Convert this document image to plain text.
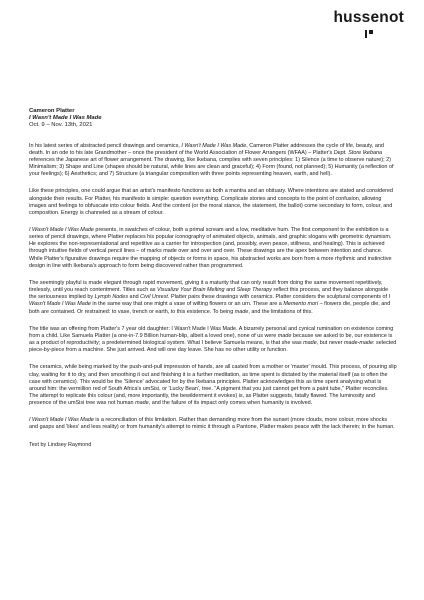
hussenot
Cameron Platter
I Wasn't Made I Was Made
Oct. 9 – Nov. 13th, 2021

In his latest series of abstracted pencil drawings and ceramics, I Wasn't Made I Was Made, Cameron Platter addresses the cycle of life, beauty, and death. In an ode to his late Grandmother – once the president of the World Association of Flower Arrangers (WFAA) – Platter's Dept. Store Ikebana references the Japanese art of flower arrangement. The drawing, like Ikebana, complies with seven principles: 1) Silence (a time to observe nature); 2) Minimalism; 3) Shape and Line (shapes should be natural, while lines are clean and graceful); 4) Form (found, not planned); 5) Humanity (a reflection of your feelings); 6) Aesthetics; and 7) Structure (a triangular composition with three points representing heaven, earth, and hell).

Like these principles, one could argue that an artist's manifesto functions as both a mantra and an obituary. Where intentions are stated and considered alongside their results. For Platter, his manifesto is simple: question everything. Complicate stories and concepts to the point of confusion, allowing images and feelings to obfuscate into colour fields. And the content (or the moral stance, the statement, the ballot) come secondary to form, colour, and composition. Energy is channeled as a stream of colour.

I Wasn't Made I Was Made presents, in swatches of colour, both a primal scream and a low, meditative hum. The first component to the exhibition is a series of pencil drawings, where Platter replaces his popular iconography of animated objects, animals, and graphic slogans with geometric dynamism. He explores the non-representational and repetitive as a carrier for introspection (and, possibly, even peace, stillness, and healing). This is achieved through intuitive fields of vertical pencil lines – of marks made over and over and over. These drawings are the apex between intention and chance. While Platter's figurative drawings require the mapping of objects or forms in space, his abstracted works are born from a more rhythmic and instinctive design in line with Ikebana's approach to form being discovered rather than programmed.

The seemingly playful is made elegant through rapid movement, giving it a maturity that can only result from doing the same movement repetitively, tirelessly, until you reach contentment. Titles such as Visualize Your Brain Melting and Sleep Therapy reflect this process, and they balance alongside the seriousness implied by Lymph Nodes and Civil Unrest. Platter pairs these drawings with ceramics. Platter considers the sculptural components of I Wasn't Made I Was Made in the same way that one might a vase of wilting flowers or an urn. These are a Memento mori – flowers die, people die, and both are contained. Or restrained: to vase, trench or earth, to this existence. To being made, and the limitations of this.

The title was an offering from Platter's 7 year old daughter: I Wasn't Made I Was Made. A bizarrely personal and cynical rumination on existence coming from a child. Like Samuela Platter (a one-in-7.9 Billion human-blip, albeit a loved one), none of us were made because we asked to be, our existence is as a product of reproductivity; a predetermined biological system. What I believe Samuela means, is that she was made, but never made-made: selected piece-by-piece from a machine. She just arrived. And will one day leave. She has no other utility or function.

The ceramics, while being marked by the push-and-pull impression of hands, are all casted from a mother or 'master' mould. This process, of pouring slip clay, waiting for it to dry, and then smoothing it out and finishing it is a further meditation, as time spent is dictated by the material itself (as is often the case with ceramics). This would be the 'Silence' advocated for by the Ikebana principles. Platter acknowledges this as time spent analysing what is around him: the vermillion red of South Africa's umSisi, or 'Lucky Bean', tree. "A pigment that you just cannot get from a paint tube," Platter reconciles. The attempt to replicate this colour (and, more importantly, the bewilderment it evokes) is, as Platter suggests, fatally flawed. The luminosity and presence of the umSisi tree was not human made, and the failure of its impact only comes when humanity is involved.

I Wasn't Made I Was Made is a reconciliation of this limitation. Rather than demanding more from the sunset (more clouds, more colour, more shocks and gasps and 'likes' and less reality) or from humanity's attempt to mimic it through a Pantone, Platter makes peace with the lack therein; in the human.

Text by Lindsey Raymond
